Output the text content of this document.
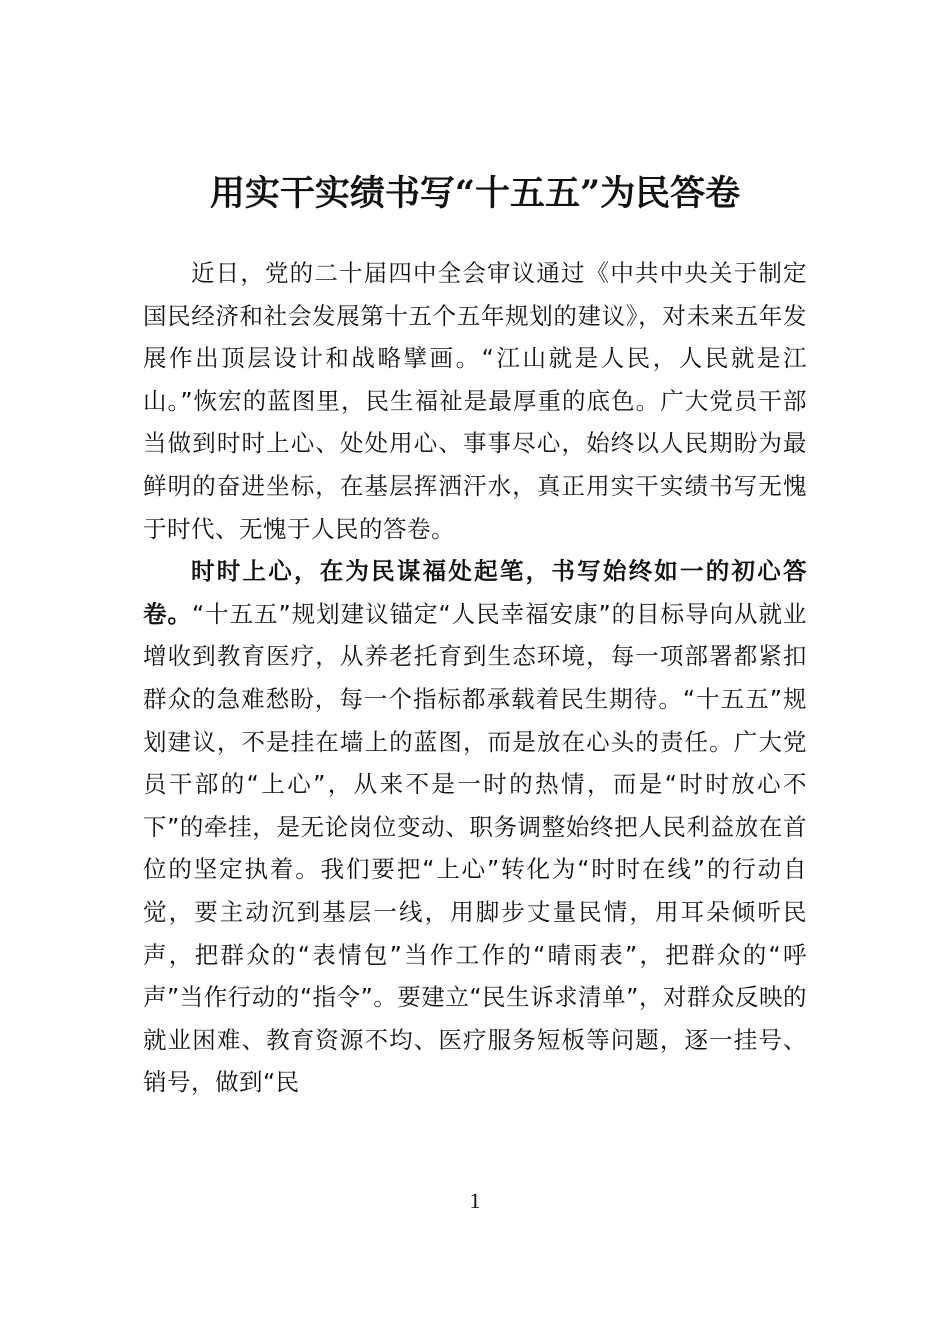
用实干实绩书写“十五五”为民答卷

近日，党的二十届四中全会审议通过《中共中央关于制定国民经济和社会发展第十五个五年规划的建议》，对未来五年发展作出顶层设计和战略擘画。“江山就是人民，人民就是江山。”恢宏的蓝图里，民生福祉是最厚重的底色。广大党员干部当做到时时上心、处处用心、事事尽心，始终以人民期盼为最鲜明的奋进坐标，在基层挥洒汗水，真正用实干实绩书写无愧于时代、无愧于人民的答卷。

时时上心，在为民谋福处起笔，书写始终如一的初心答卷。“十五五”规划建议锚定“人民幸福安康”的目标导向从就业增收到教育医疗，从养老托育到生态环境，每一项部署都紧扣群众的急难愁盼，每一个指标都承载着民生期待。“十五五”规划建议，不是挂在墙上的蓝图，而是放在心头的责任。广大党员干部的“上心”，从来不是一时的热情，而是“时时放心不下”的牵挂，是无论岗位变动、职务调整始终把人民利益放在首位的坚定执着。我们要把“上心”转化为“时时在线”的行动自觉，要主动沉到基层一线，用脚步丈量民情，用耳朵倾听民声，把群众的“表情包”当作工作的“晴雨表”，把群众的“呼声”当作行动的“指令”。要建立“民生诉求清单”，对群众反映的就业困难、教育资源不均、医疗服务短板等问题，逐一挂号、销号，做到“民

1
